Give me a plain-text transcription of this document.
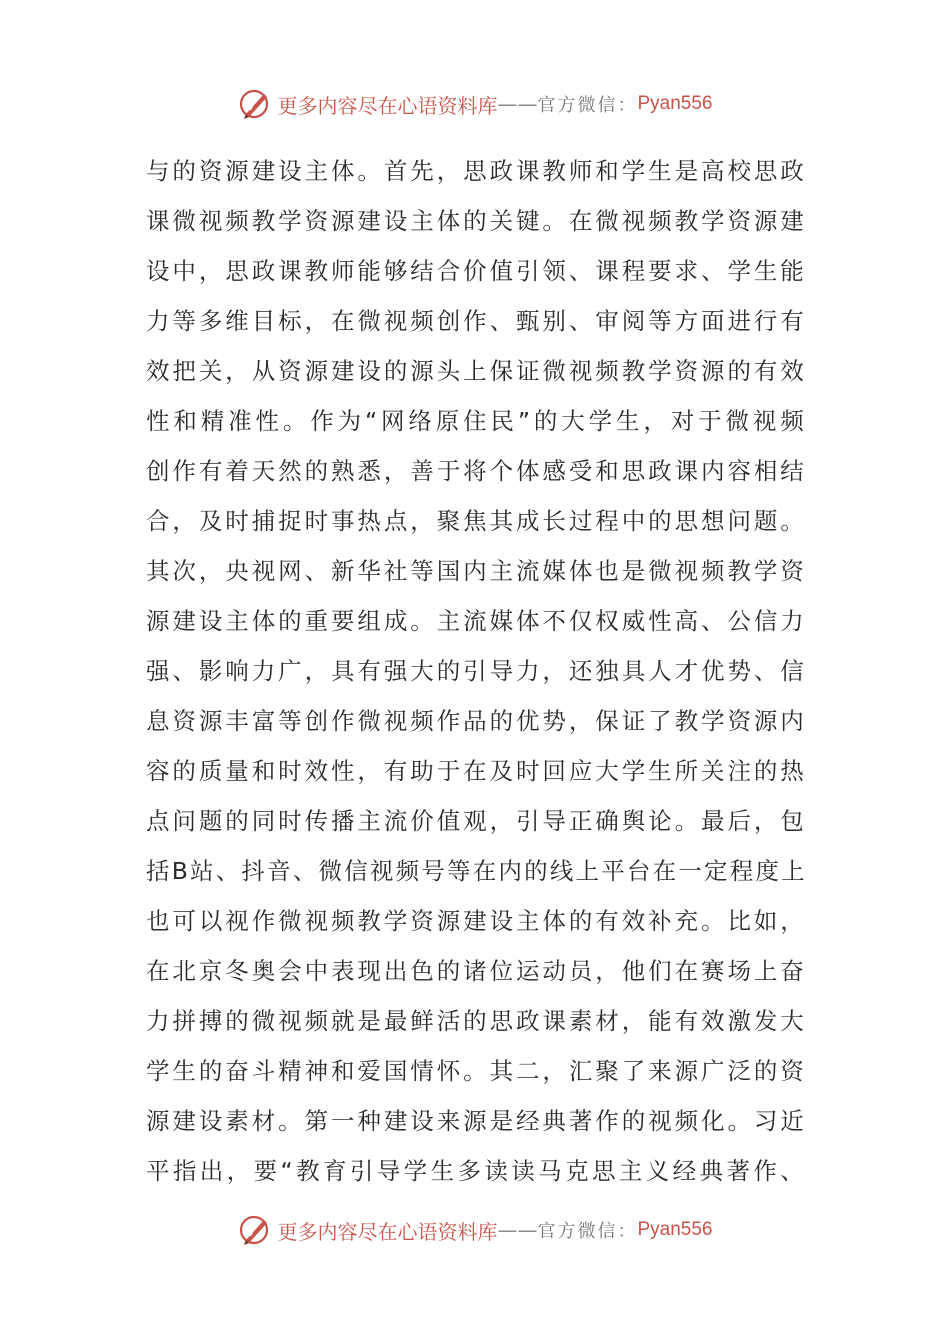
更多内容尽在心语资料库 —— 官方微信： Pyan556
与的资源建设主体。首先，思政课教师和学生是高校思政
课微视频教学资源建设主体的关键。在微视频教学资源建
设中，思政课教师能够结合价值引领、课程要求、学生能
力等多维目标，在微视频创作、甄别、审阅等方面进行有
效把关，从资源建设的源头上保证微视频教学资源的有效
性和精准性。作为“网络原住民”的大学生，对于微视频
创作有着天然的熟悉，善于将个体感受和思政课内容相结
合，及时捕捉时事热点，聚焦其成长过程中的思想问题。
其次，央视网、新华社等国内主流媒体也是微视频教学资
源建设主体的重要组成。主流媒体不仅权威性高、公信力
强、影响力广，具有强大的引导力，还独具人才优势、信
息资源丰富等创作微视频作品的优势，保证了教学资源内
容的质量和时效性，有助于在及时回应大学生所关注的热
点问题的同时传播主流价值观，引导正确舆论。最后，包
括B站、抖音、微信视频号等在内的线上平台在一定程度上
也可以视作微视频教学资源建设主体的有效补充。比如，
在北京冬奥会中表现出色的诸位运动员，他们在赛场上奋
力拼搏的微视频就是最鲜活的思政课素材，能有效激发大
学生的奋斗精神和爱国情怀。其二，汇聚了来源广泛的资
源建设素材。第一种建设来源是经典著作的视频化。习近
平指出，要“教育引导学生多读读马克思主义经典著作、
更多内容尽在心语资料库 —— 官方微信： Pyan556
